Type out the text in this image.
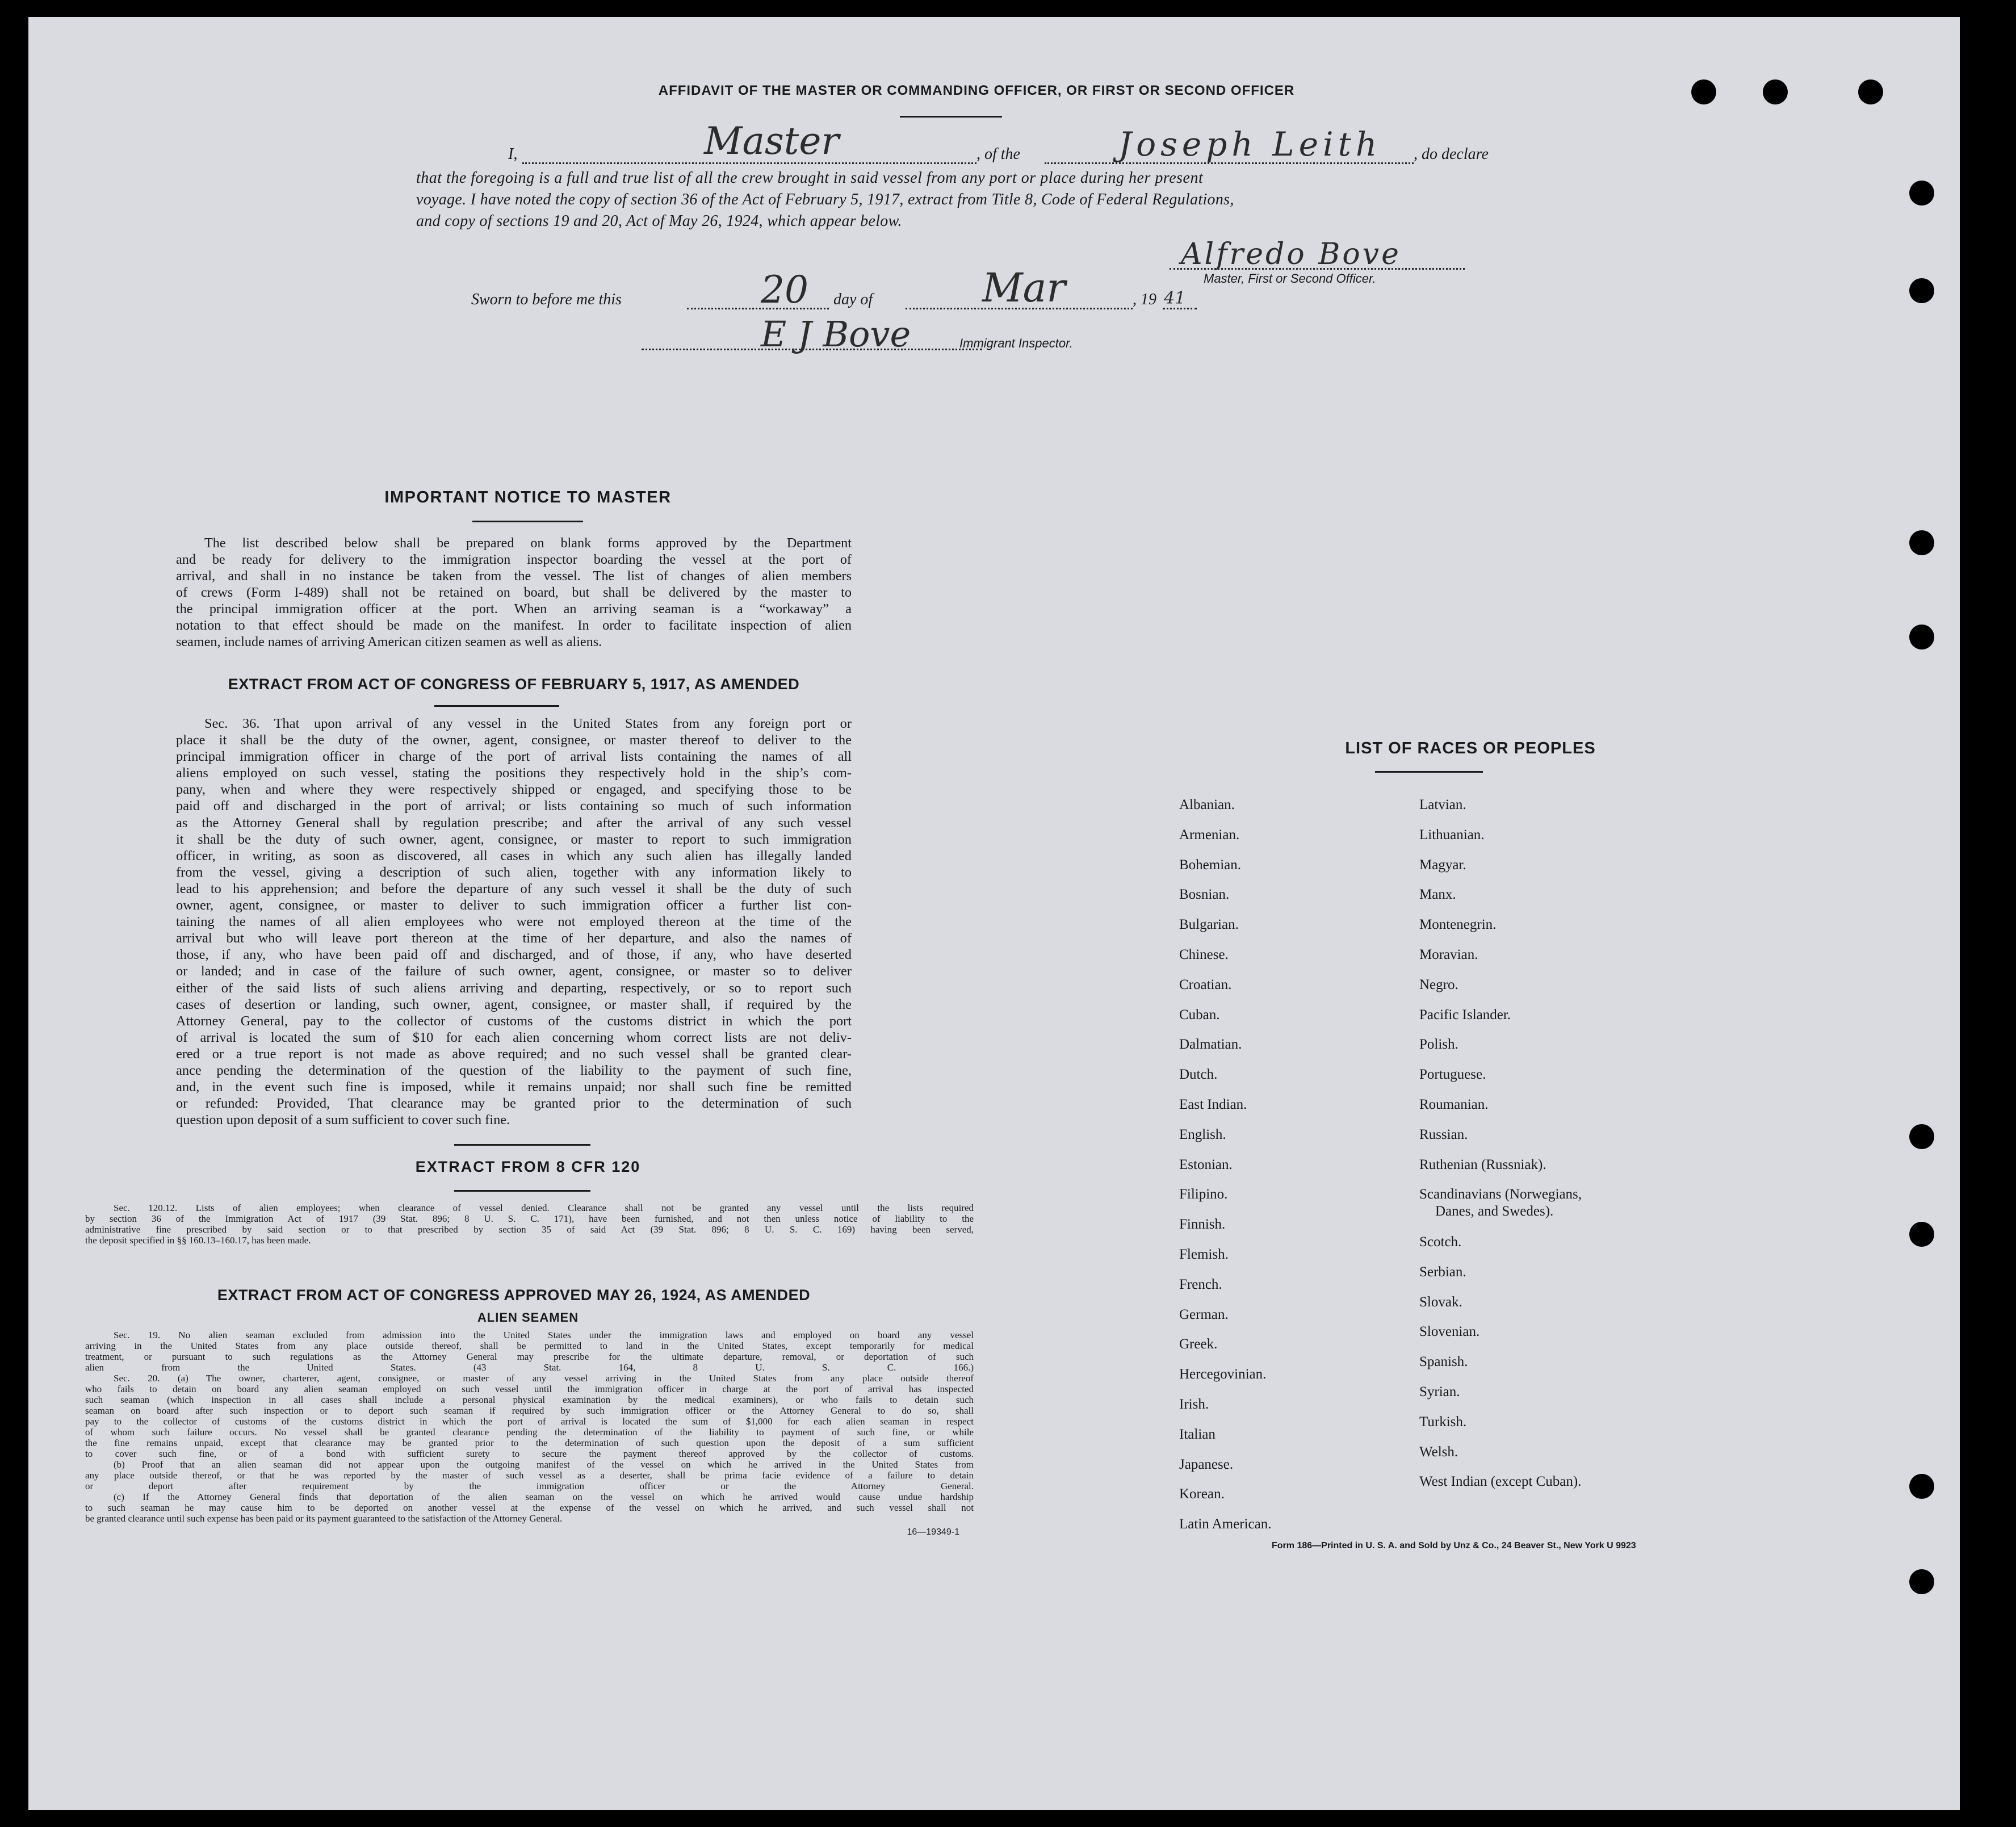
AFFIDAVIT OF THE MASTER OR COMMANDING OFFICER, OR FIRST OR SECOND OFFICER
I,	Master	, of the	Joseph Leith , do declare
that the foregoing is a full and true list of all the crew brought in said vessel from any port or place during her present
voyage. I have noted the copy of section 36 of the Act of February 5, 1917, extract from Title 8, Code of Federal Regulations,
and copy of sections 19 and 20, Act of May 26, 1924, which appear below.
Alfredo Bove
Master, First or Second Officer.
Sworn to before me this	20 day of	Mar	, 19 41
E J Bove	Immigrant Inspector.
IMPORTANT NOTICE TO MASTER
The list described below shall be prepared on blank forms approved by the Department
and be ready for delivery to the immigration inspector boarding the vessel at the port of
arrival, and shall in no instance be taken from the vessel. The list of changes of alien members
of crews (Form I-489) shall not be retained on board, but shall be delivered by the master to
the principal immigration officer at the port. When an arriving seaman is a “workaway” a
notation to that effect should be made on the manifest. In order to facilitate inspection of alien
seamen, include names of arriving American citizen seamen as well as aliens.
EXTRACT FROM ACT OF CONGRESS OF FEBRUARY 5, 1917, AS AMENDED
Sec. 36. That upon arrival of any vessel in the United States from any foreign port or
place it shall be the duty of the owner, agent, consignee, or master thereof to deliver to the
principal immigration officer in charge of the port of arrival lists containing the names of all
aliens employed on such vessel, stating the positions they respectively hold in the ship’s com-
pany, when and where they were respectively shipped or engaged, and specifying those to be
paid off and discharged in the port of arrival; or lists containing so much of such information
as the Attorney General shall by regulation prescribe; and after the arrival of any such vessel
it shall be the duty of such owner, agent, consignee, or master to report to such immigration
officer, in writing, as soon as discovered, all cases in which any such alien has illegally landed
from the vessel, giving a description of such alien, together with any information likely to
lead to his apprehension; and before the departure of any such vessel it shall be the duty of such
owner, agent, consignee, or master to deliver to such immigration officer a further list con-
taining the names of all alien employees who were not employed thereon at the time of the
arrival but who will leave port thereon at the time of her departure, and also the names of
those, if any, who have been paid off and discharged, and of those, if any, who have deserted
or landed; and in case of the failure of such owner, agent, consignee, or master so to deliver
either of the said lists of such aliens arriving and departing, respectively, or so to report such
cases of desertion or landing, such owner, agent, consignee, or master shall, if required by the
Attorney General, pay to the collector of customs of the customs district in which the port
of arrival is located the sum of $10 for each alien concerning whom correct lists are not deliv-
ered or a true report is not made as above required; and no such vessel shall be granted clear-
ance pending the determination of the question of the liability to the payment of such fine,
and, in the event such fine is imposed, while it remains unpaid; nor shall such fine be remitted
or refunded: Provided, That clearance may be granted prior to the determination of such
question upon deposit of a sum sufficient to cover such fine.
EXTRACT FROM 8 CFR 120
Sec. 120.12. Lists of alien employees; when clearance of vessel denied. Clearance shall not be granted any vessel until the lists required
by section 36 of the Immigration Act of 1917 (39 Stat. 896; 8 U. S. C. 171), have been furnished, and not then unless notice of liability to the
administrative fine prescribed by said section or to that prescribed by section 35 of said Act (39 Stat. 896; 8 U. S. C. 169) having been served,
the deposit specified in §§ 160.13–160.17, has been made.
EXTRACT FROM ACT OF CONGRESS APPROVED MAY 26, 1924, AS AMENDED
ALIEN SEAMEN
Sec. 19. No alien seaman excluded from admission into the United States under the immigration laws and employed on board any vessel
arriving in the United States from any place outside thereof, shall be permitted to land in the United States, except temporarily for medical
treatment, or pursuant to such regulations as the Attorney General may prescribe for the ultimate departure, removal, or deportation of such
alien from the United States. (43 Stat. 164, 8 U. S. C. 166.)
Sec. 20. (a) The owner, charterer, agent, consignee, or master of any vessel arriving in the United States from any place outside thereof
who fails to detain on board any alien seaman employed on such vessel until the immigration officer in charge at the port of arrival has inspected
such seaman (which inspection in all cases shall include a personal physical examination by the medical examiners), or who fails to detain such
seaman on board after such inspection or to deport such seaman if required by such immigration officer or the Attorney General to do so, shall
pay to the collector of customs of the customs district in which the port of arrival is located the sum of $1,000 for each alien seaman in respect
of whom such failure occurs. No vessel shall be granted clearance pending the determination of the liability to payment of such fine, or while
the fine remains unpaid, except that clearance may be granted prior to the determination of such question upon the deposit of a sum sufficient
to cover such fine, or of a bond with sufficient surety to secure the payment thereof approved by the collector of customs.
(b) Proof that an alien seaman did not appear upon the outgoing manifest of the vessel on which he arrived in the United States from
any place outside thereof, or that he was reported by the master of such vessel as a deserter, shall be prima facie evidence of a failure to detain
or deport after requirement by the immigration officer or the Attorney General.
(c) If the Attorney General finds that deportation of the alien seaman on the vessel on which he arrived would cause undue hardship
to such seaman he may cause him to be deported on another vessel at the expense of the vessel on which he arrived, and such vessel shall not
be granted clearance until such expense has been paid or its payment guaranteed to the satisfaction of the Attorney General.
16—19349-1
LIST OF RACES OR PEOPLES
Albanian.
Armenian.
Bohemian.
Bosnian.
Bulgarian.
Chinese.
Croatian.
Cuban.
Dalmatian.
Dutch.
East Indian.
English.
Estonian.
Filipino.
Finnish.
Flemish.
French.
German.
Greek.
Hercegovinian.
Irish.
Italian
Japanese.
Korean.
Latin American.
Latvian.
Lithuanian.
Magyar.
Manx.
Montenegrin.
Moravian.
Negro.
Pacific Islander.
Polish.
Portuguese.
Roumanian.
Russian.
Ruthenian (Russniak).
Scandinavians (Norwegians,
Danes, and Swedes).
Scotch.
Serbian.
Slovak.
Slovenian.
Spanish.
Syrian.
Turkish.
Welsh.
West Indian (except Cuban).
Form 186—Printed in U. S. A. and Sold by Unz & Co., 24 Beaver St., New York U 9923
